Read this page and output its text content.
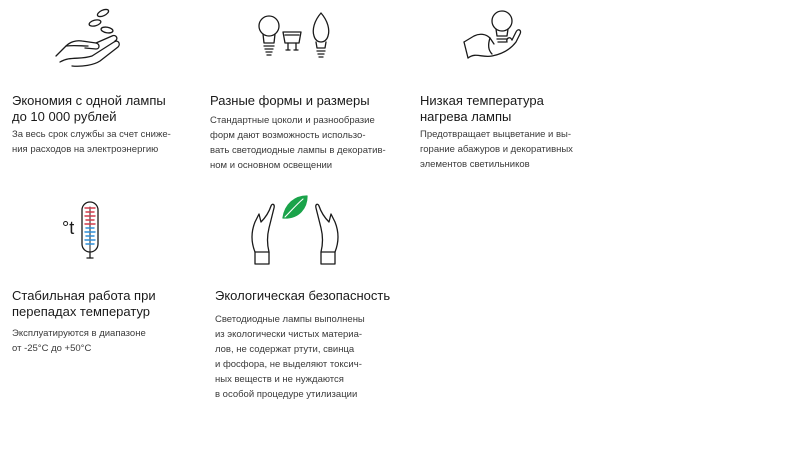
Экономия с одной лампы
до 10 000 рублей
За весь срок службы за счет сниже-
ния расходов на электроэнергию
Разные формы и размеры
Стандартные цоколи и разнообразие
форм дают возможность использо-
вать светодиодные лампы в декоратив-
ном и основном освещении
Низкая температура
нагрева лампы
Предотвращает выцветание и вы-
горание абажуров и декоративных
элементов светильников
°t
Стабильная работа при
перепадах температур
Эксплуатируются в диапазоне
от -25°C до +50°C
Экологическая безопасность
Светодиодные лампы выполнены
из экологически чистых материа-
лов, не содержат ртути, свинца
и фосфора, не выделяют токсич-
ных веществ и не нуждаются
в особой процедуре утилизации
